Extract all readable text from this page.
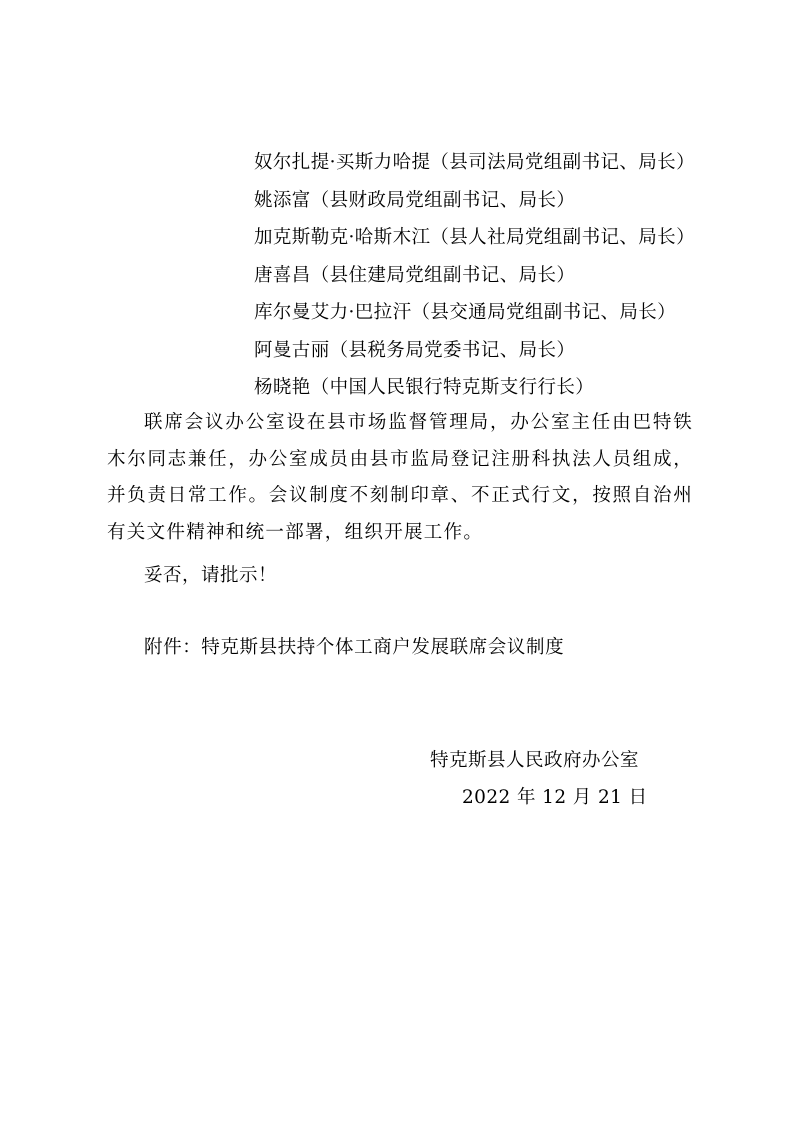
奴尔扎提·买斯力哈提（县司法局党组副书记、局长）
姚添富（县财政局党组副书记、局长）
加克斯勒克·哈斯木江（县人社局党组副书记、局长）
唐喜昌（县住建局党组副书记、局长）
库尔曼艾力·巴拉汗（县交通局党组副书记、局长）
阿曼古丽（县税务局党委书记、局长）
杨晓艳（中国人民银行特克斯支行行长）

联席会议办公室设在县市场监督管理局，办公室主任由巴特铁木尔同志兼任，办公室成员由县市监局登记注册科执法人员组成，并负责日常工作。会议制度不刻制印章、不正式行文，按照自治州有关文件精神和统一部署，组织开展工作。

妥否，请批示！

附件：特克斯县扶持个体工商户发展联席会议制度

特克斯县人民政府办公室

2022 年 12 月 21 日
